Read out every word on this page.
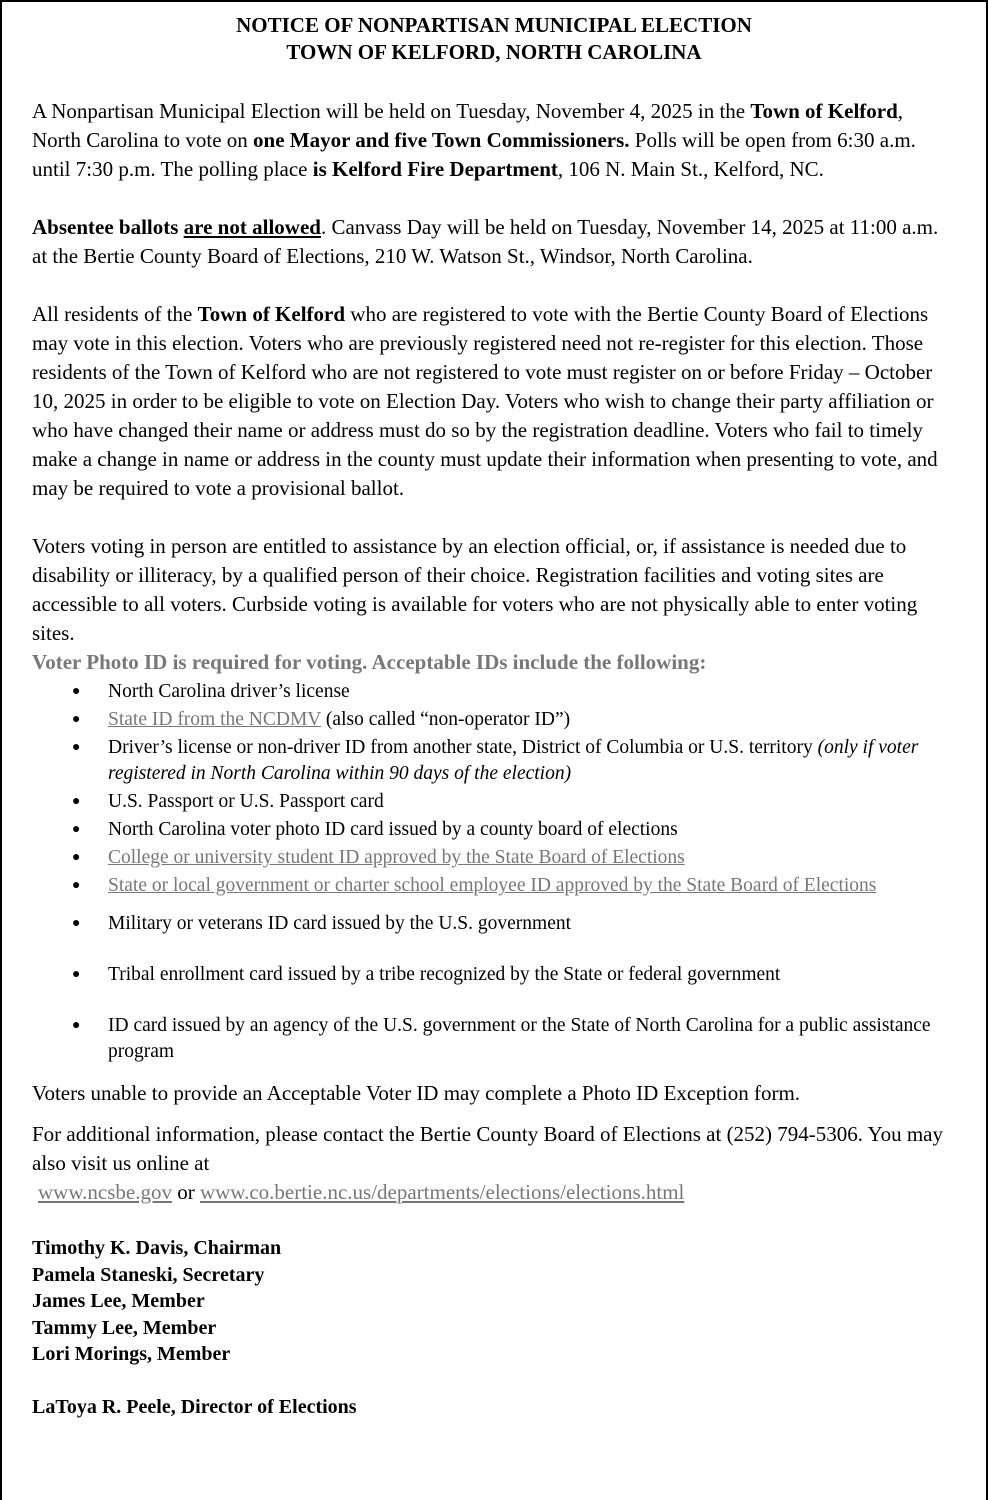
NOTICE OF NONPARTISAN MUNICIPAL ELECTION
TOWN OF KELFORD, NORTH CAROLINA

A Nonpartisan Municipal Election will be held on Tuesday, November 4, 2025 in the Town of Kelford, North Carolina to vote on one Mayor and five Town Commissioners. Polls will be open from 6:30 a.m. until 7:30 p.m. The polling place is Kelford Fire Department, 106 N. Main St., Kelford, NC.

Absentee ballots are not allowed. Canvass Day will be held on Tuesday, November 14, 2025 at 11:00 a.m. at the Bertie County Board of Elections, 210 W. Watson St., Windsor, North Carolina.

All residents of the Town of Kelford who are registered to vote with the Bertie County Board of Elections may vote in this election. Voters who are previously registered need not re-register for this election. Those residents of the Town of Kelford who are not registered to vote must register on or before Friday – October 10, 2025 in order to be eligible to vote on Election Day. Voters who wish to change their party affiliation or who have changed their name or address must do so by the registration deadline. Voters who fail to timely make a change in name or address in the county must update their information when presenting to vote, and may be required to vote a provisional ballot.

Voters voting in person are entitled to assistance by an election official, or, if assistance is needed due to disability or illiteracy, by a qualified person of their choice. Registration facilities and voting sites are accessible to all voters. Curbside voting is available for voters who are not physically able to enter voting sites.

Voter Photo ID is required for voting. Acceptable IDs include the following:
● North Carolina driver’s license
● State ID from the NCDMV (also called “non-operator ID”)
● Driver’s license or non-driver ID from another state, District of Columbia or U.S. territory (only if voter registered in North Carolina within 90 days of the election)
● U.S. Passport or U.S. Passport card
● North Carolina voter photo ID card issued by a county board of elections
● College or university student ID approved by the State Board of Elections
● State or local government or charter school employee ID approved by the State Board of Elections
● Military or veterans ID card issued by the U.S. government
● Tribal enrollment card issued by a tribe recognized by the State or federal government
● ID card issued by an agency of the U.S. government or the State of North Carolina for a public assistance program

Voters unable to provide an Acceptable Voter ID may complete a Photo ID Exception form.

For additional information, please contact the Bertie County Board of Elections at (252) 794-5306. You may also visit us online at

www.ncsbe.gov or www.co.bertie.nc.us/departments/elections/elections.html

Timothy K. Davis, Chairman
Pamela Staneski, Secretary
James Lee, Member
Tammy Lee, Member
Lori Morings, Member
LaToya R. Peele, Director of Elections
